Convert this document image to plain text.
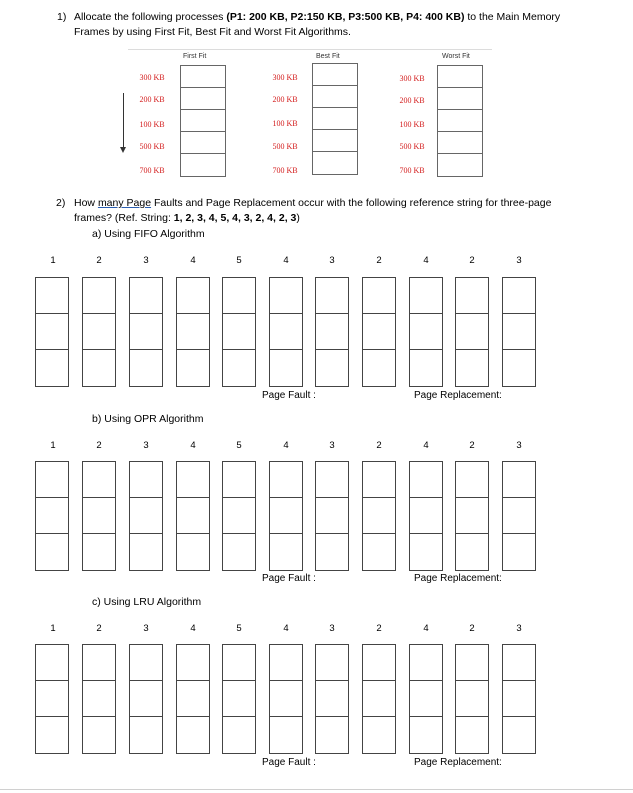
1) Allocate the following processes (P1: 200 KB, P2:150 KB, P3:500 KB, P4: 400 KB) to the Main Memory
Frames by using First Fit, Best Fit and Worst Fit Algorithms.
First Fit
300 KB
200 KB
100 KB
500 KB
700 KB
Best Fit
300 KB
200 KB
100 KB
500 KB
700 KB
Worst Fit
300 KB
200 KB
100 KB
500 KB
700 KB
2) How many Page Faults and Page Replacement occur with the following reference string for three-page
frames? (Ref. String: 1, 2, 3, 4, 5, 4, 3, 2, 4, 2, 3)
a) Using FIFO Algorithm
b) Using OPR Algorithm
c) Using LRU Algorithm
1	2	3	4	5	4	3	2	4	2	3
1	2	3	4	5	4	3	2	4	2	3
1	2	3	4	5	4	3	2	4	2	3
Page Fault :	Page Replacement:
Page Fault :	Page Replacement:
Page Fault :	Page Replacement:
